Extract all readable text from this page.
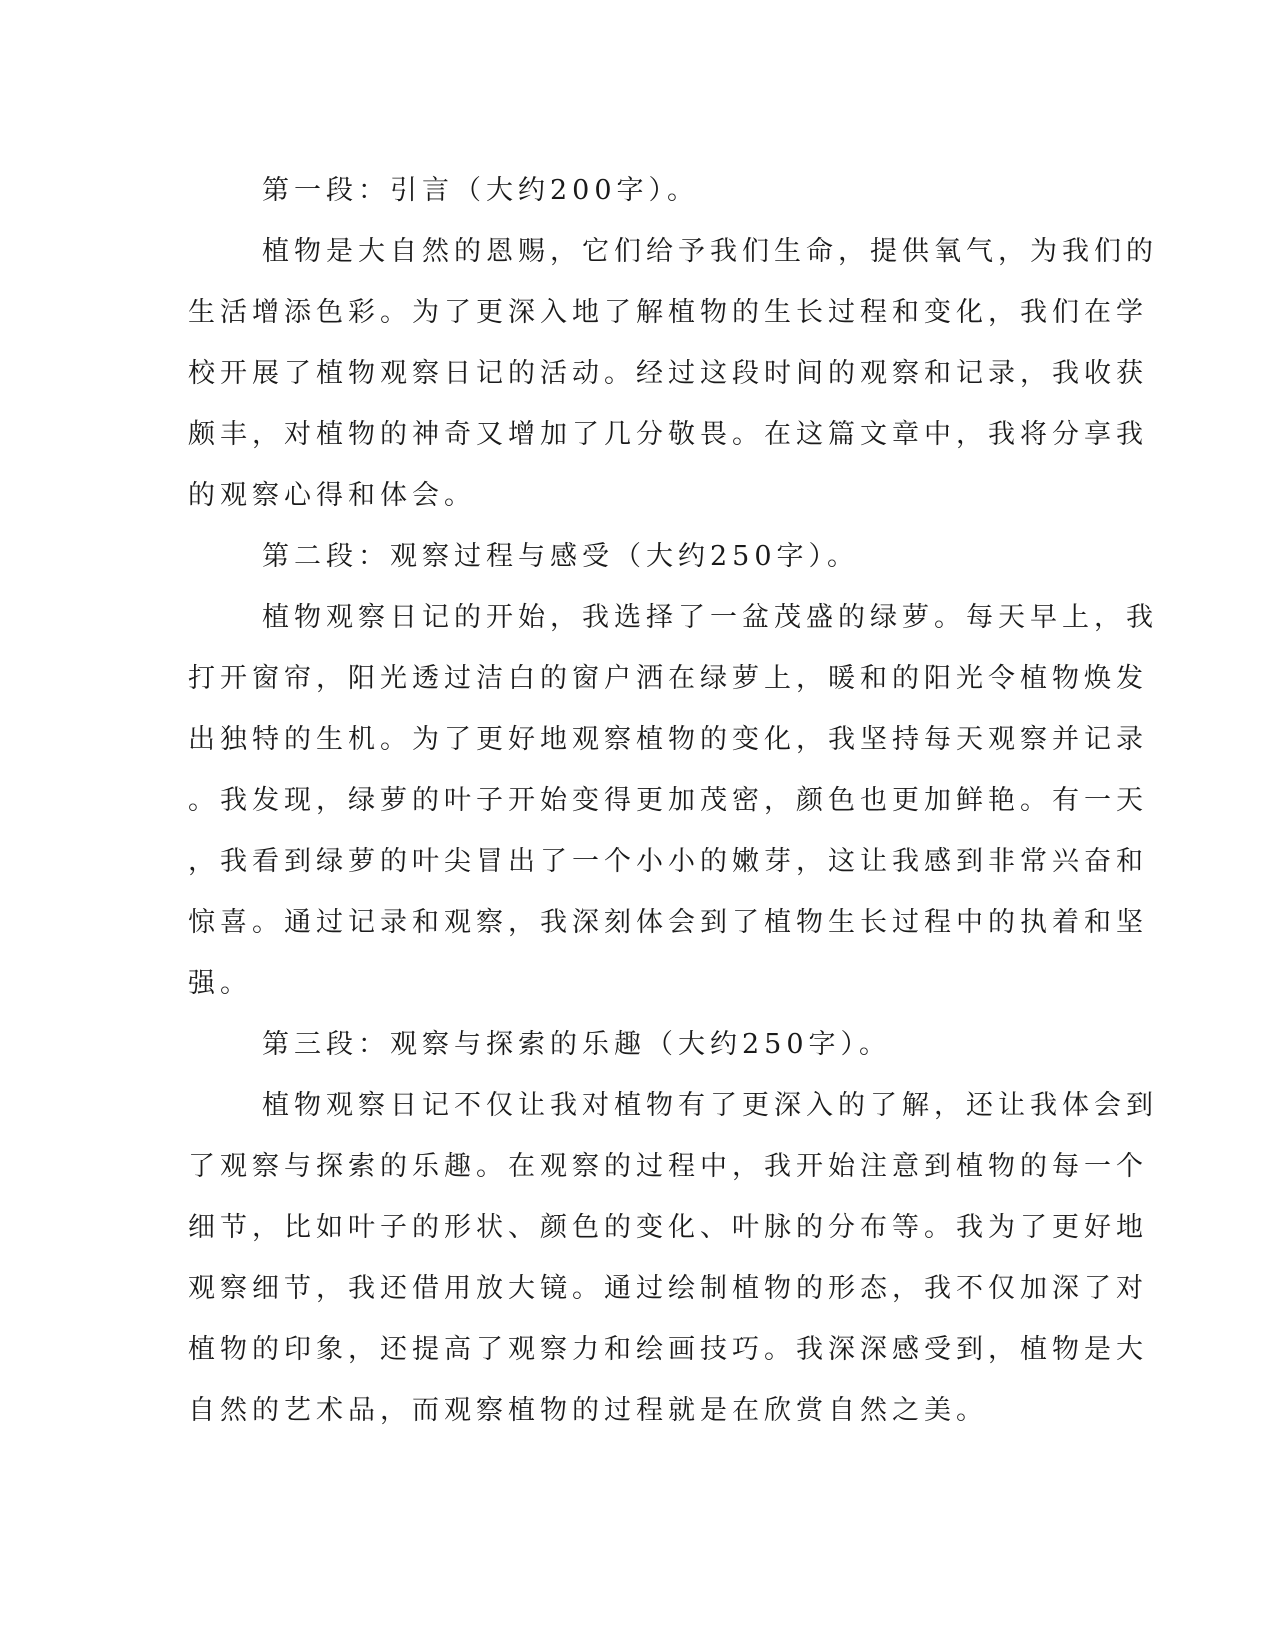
第一段：引言（大约200字）。
植物是大自然的恩赐，它们给予我们生命，提供氧气，为我们的
生活增添色彩。为了更深入地了解植物的生长过程和变化，我们在学
校开展了植物观察日记的活动。经过这段时间的观察和记录，我收获
颇丰，对植物的神奇又增加了几分敬畏。在这篇文章中，我将分享我
的观察心得和体会。
第二段：观察过程与感受（大约250字）。
植物观察日记的开始，我选择了一盆茂盛的绿萝。每天早上，我
打开窗帘，阳光透过洁白的窗户洒在绿萝上，暖和的阳光令植物焕发
出独特的生机。为了更好地观察植物的变化，我坚持每天观察并记录
。我发现，绿萝的叶子开始变得更加茂密，颜色也更加鲜艳。有一天
，我看到绿萝的叶尖冒出了一个小小的嫩芽，这让我感到非常兴奋和
惊喜。通过记录和观察，我深刻体会到了植物生长过程中的执着和坚
强。
第三段：观察与探索的乐趣（大约250字）。
植物观察日记不仅让我对植物有了更深入的了解，还让我体会到
了观察与探索的乐趣。在观察的过程中，我开始注意到植物的每一个
细节，比如叶子的形状、颜色的变化、叶脉的分布等。我为了更好地
观察细节，我还借用放大镜。通过绘制植物的形态，我不仅加深了对
植物的印象，还提高了观察力和绘画技巧。我深深感受到，植物是大
自然的艺术品，而观察植物的过程就是在欣赏自然之美。
